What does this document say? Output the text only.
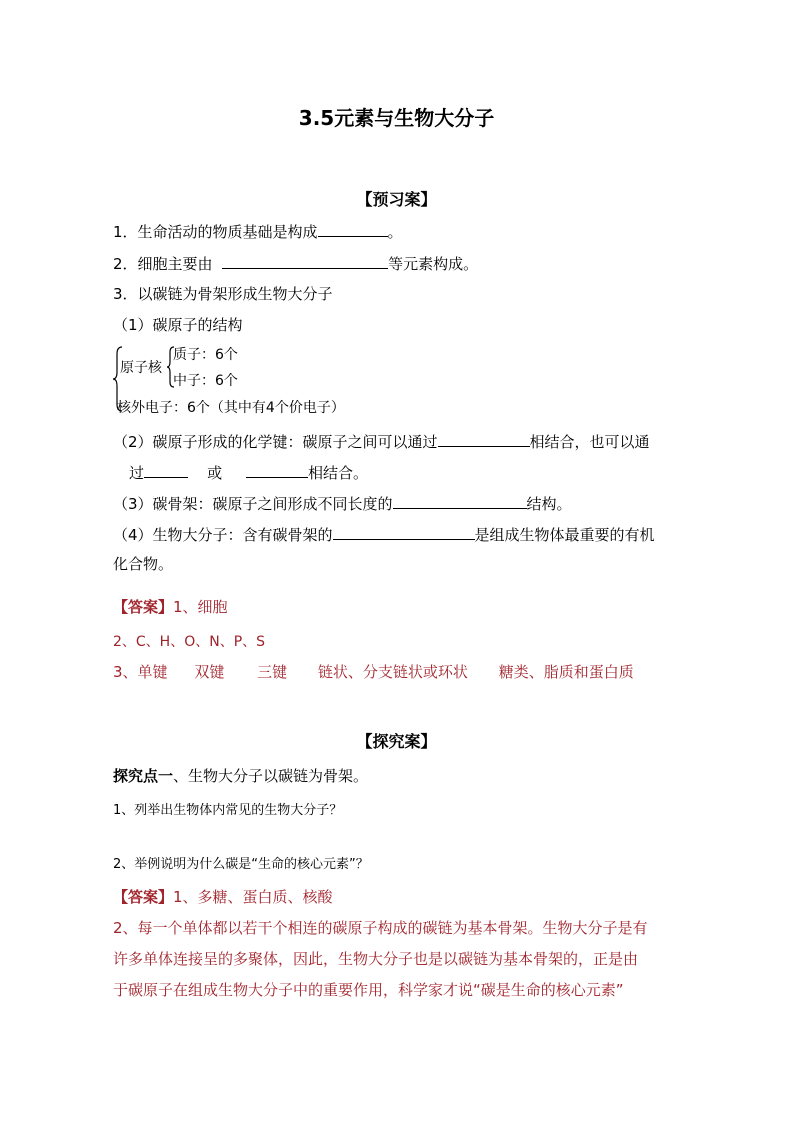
3.5元素与生物大分子
【预习案】
1．生命活动的物质基础是构成	。
2．细胞主要由	等元素构成。
3．以碳链为骨架形成生物大分子
（1）碳原子的结构
原子核
质子：6个
中子：6个
核外电子：6个（其中有4个价电子）
（2）碳原子形成的化学键：碳原子之间可以通过	相结合，也可以通
过	或	相结合。
（3）碳骨架：碳原子之间形成不同长度的	结构。
（4）生物大分子：含有碳骨架的	是组成生物体最重要的有机
化合物。
【答案】1、细胞
2、C、H、O、N、P、S
3、单键 双键 三键 链状、分支链状或环状 糖类、脂质和蛋白质
【探究案】
探究点一、生物大分子以碳链为骨架。
1、列举出生物体内常见的生物大分子？
2、举例说明为什么碳是“生命的核心元素”？
【答案】1、多糖、蛋白质、核酸
2、每一个单体都以若干个相连的碳原子构成的碳链为基本骨架。生物大分子是有
许多单体连接呈的多聚体，因此，生物大分子也是以碳链为基本骨架的，正是由
于碳原子在组成生物大分子中的重要作用，科学家才说“碳是生命的核心元素”
